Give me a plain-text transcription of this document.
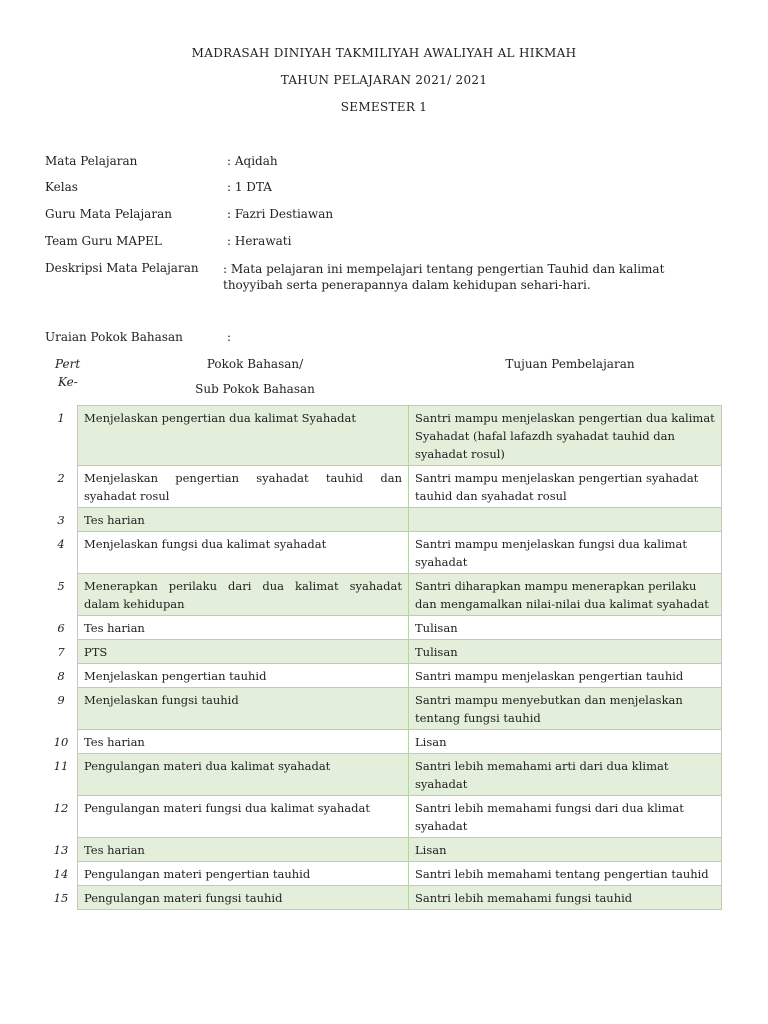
MADRASAH DINIYAH TAKMILIYAH AWALIYAH AL HIKMAH
TAHUN PELAJARAN 2021/ 2021
SEMESTER 1
Mata Pelajaran	: Aqidah
Kelas	: 1 DTA
Guru Mata Pelajaran	: Fazri Destiawan
Team Guru MAPEL	: Herawati
Deskripsi Mata Pelajaran : Mata pelajaran ini mempelajari tentang pengertian Tauhid dan kalimat thoyyibah serta penerapannya dalam kehidupan sehari-hari.
Uraian Pokok Bahasan	:
Pert
Ke-
Pokok Bahasan/
Sub Pokok Bahasan
Tujuan Pembelajaran
1	Menjelaskan pengertian dua kalimat Syahadat	Santri mampu menjelaskan pengertian dua kalimat Syahadat (hafal lafazdh syahadat tauhid dan syahadat rosul)
2	Menjelaskan pengertian syahadat tauhid dan syahadat rosul	Santri mampu menjelaskan pengertian syahadat tauhid dan syahadat rosul
3	Tes harian	
4	Menjelaskan fungsi dua kalimat syahadat	Santri mampu menjelaskan fungsi dua kalimat syahadat
5	Menerapkan perilaku dari dua kalimat syahadat dalam kehidupan	Santri diharapkan mampu menerapkan perilaku dan mengamalkan nilai-nilai dua kalimat syahadat
6	Tes harian	Tulisan
7	PTS	Tulisan
8	Menjelaskan pengertian tauhid	Santri mampu menjelaskan pengertian tauhid
9	Menjelaskan fungsi tauhid	Santri mampu menyebutkan dan menjelaskan tentang fungsi tauhid
10	Tes harian	Lisan
11	Pengulangan materi dua kalimat syahadat	Santri lebih memahami arti dari dua klimat syahadat
12	Pengulangan materi fungsi dua kalimat syahadat	Santri lebih memahami fungsi dari dua klimat syahadat
13	Tes harian	Lisan
14	Pengulangan materi pengertian tauhid	Santri lebih memahami tentang pengertian tauhid
15	Pengulangan materi fungsi tauhid	Santri lebih memahami fungsi tauhid
